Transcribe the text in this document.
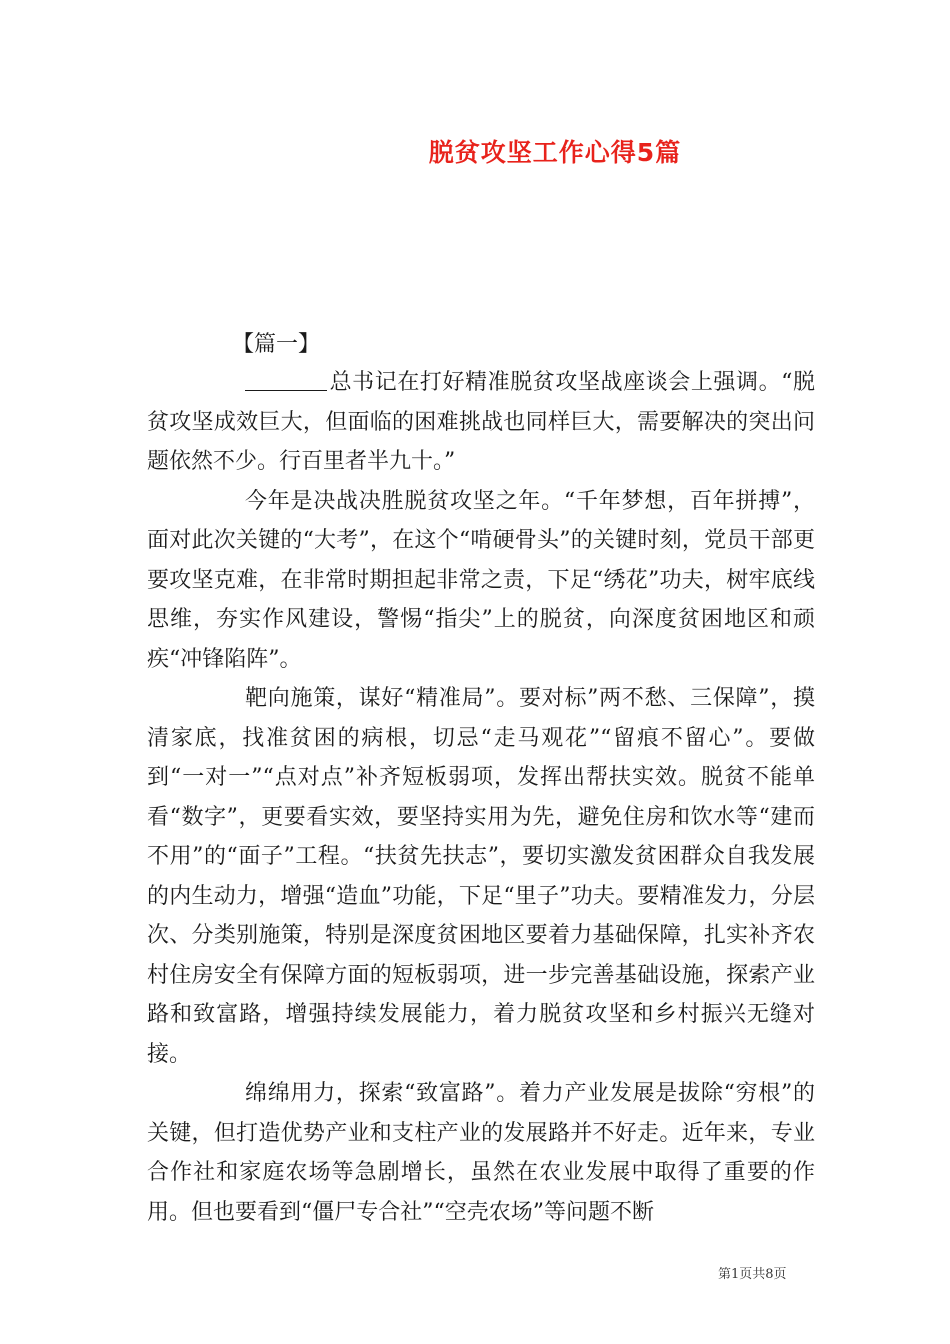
脱贫攻坚工作心得5篇
【篇一】

总书记在打好精准脱贫攻坚战座谈会上强调。“脱贫攻坚成效巨大，但面临的困难挑战也同样巨大，需要解决的突出问题依然不少。行百里者半九十。”

今年是决战决胜脱贫攻坚之年。“千年梦想，百年拼搏”，面对此次关键的“大考”，在这个“啃硬骨头”的关键时刻，党员干部更要攻坚克难，在非常时期担起非常之责，下足“绣花”功夫，树牢底线思维，夯实作风建设，警惕“指尖”上的脱贫，向深度贫困地区和顽疾“冲锋陷阵”。

靶向施策，谋好“精准局”。要对标”两不愁、三保障”，摸清家底，找准贫困的病根，切忌“走马观花”“留痕不留心”。要做到“一对一”“点对点”补齐短板弱项，发挥出帮扶实效。脱贫不能单看“数字”，更要看实效，要坚持实用为先，避免住房和饮水等“建而不用”的“面子”工程。“扶贫先扶志”，要切实激发贫困群众自我发展的内生动力，增强“造血”功能，下足“里子”功夫。要精准发力，分层次、分类别施策，特别是深度贫困地区要着力基础保障，扎实补齐农村住房安全有保障方面的短板弱项，进一步完善基础设施，探索产业路和致富路，增强持续发展能力，着力脱贫攻坚和乡村振兴无缝对接。

绵绵用力，探索“致富路”。着力产业发展是拔除“穷根”的关键，但打造优势产业和支柱产业的发展路并不好走。近年来，专业合作社和家庭农场等急剧增长，虽然在农业发展中取得了重要的作用。但也要看到“僵尸专合社”“空壳农场”等问题不断

第1页共8页
